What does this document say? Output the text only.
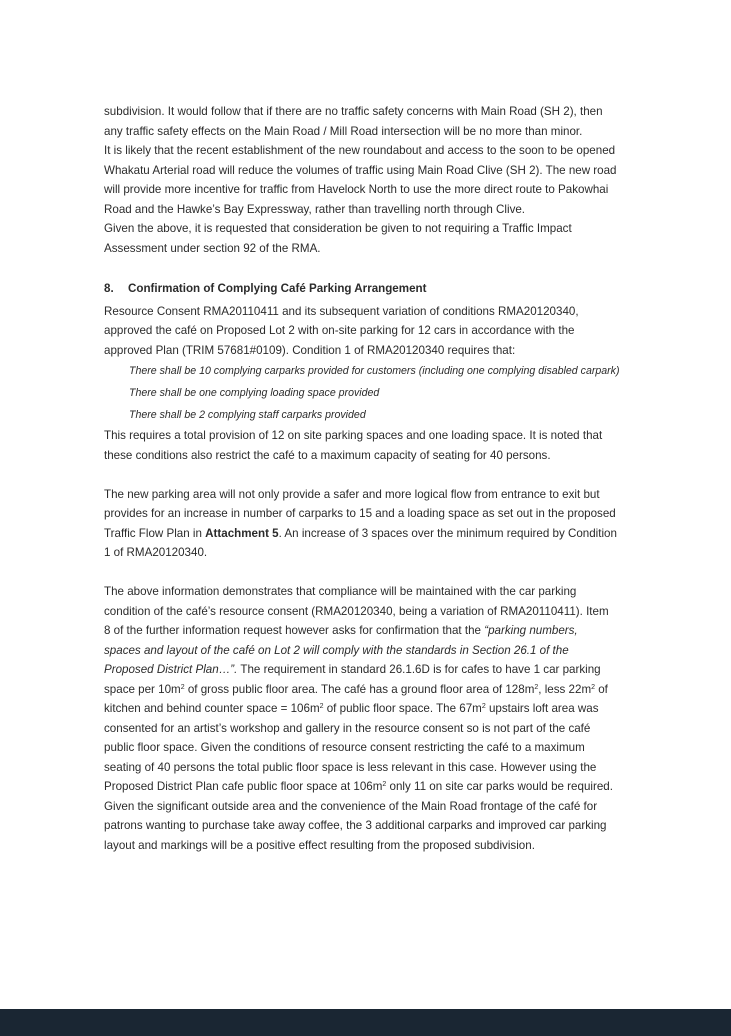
subdivision. It would follow that if there are no traffic safety concerns with Main Road (SH 2), then
any traffic safety effects on the Main Road / Mill Road intersection will be no more than minor.
It is likely that the recent establishment of the new roundabout and access to the soon to be opened
Whakatu Arterial road will reduce the volumes of traffic using Main Road Clive (SH 2). The new road
will provide more incentive for traffic from Havelock North to use the more direct route to Pakowhai
Road and the Hawke’s Bay Expressway, rather than travelling north through Clive.
Given the above, it is requested that consideration be given to not requiring a Traffic Impact
Assessment under section 92 of the RMA.
8. Confirmation of Complying Café Parking Arrangement
Resource Consent RMA20110411 and its subsequent variation of conditions RMA20120340,
approved the café on Proposed Lot 2 with on-site parking for 12 cars in accordance with the
approved Plan (TRIM 57681#0109). Condition 1 of RMA20120340 requires that:
There shall be 10 complying carparks provided for customers (including one complying disabled carpark)
There shall be one complying loading space provided
There shall be 2 complying staff carparks provided
This requires a total provision of 12 on site parking spaces and one loading space. It is noted that
these conditions also restrict the café to a maximum capacity of seating for 40 persons.
The new parking area will not only provide a safer and more logical flow from entrance to exit but
provides for an increase in number of carparks to 15 and a loading space as set out in the proposed
Traffic Flow Plan in Attachment 5. An increase of 3 spaces over the minimum required by Condition
1 of RMA20120340.
The above information demonstrates that compliance will be maintained with the car parking
condition of the café’s resource consent (RMA20120340, being a variation of RMA20110411). Item
8 of the further information request however asks for confirmation that the “parking numbers,
spaces and layout of the café on Lot 2 will comply with the standards in Section 26.1 of the
Proposed District Plan…”. The requirement in standard 26.1.6D is for cafes to have 1 car parking
space per $10m^2$ of gross public floor area. The café has a ground floor area of $128m^2$, less $22m^2$ of
kitchen and behind counter space = $106m^2$ of public floor space. The $67m^2$ upstairs loft area was
consented for an artist’s workshop and gallery in the resource consent so is not part of the café
public floor space. Given the conditions of resource consent restricting the café to a maximum
seating of 40 persons the total public floor space is less relevant in this case. However using the
Proposed District Plan cafe public floor space at $106m^2$ only 11 on site car parks would be required.
Given the significant outside area and the convenience of the Main Road frontage of the café for
patrons wanting to purchase take away coffee, the 3 additional carparks and improved car parking
layout and markings will be a positive effect resulting from the proposed subdivision.
